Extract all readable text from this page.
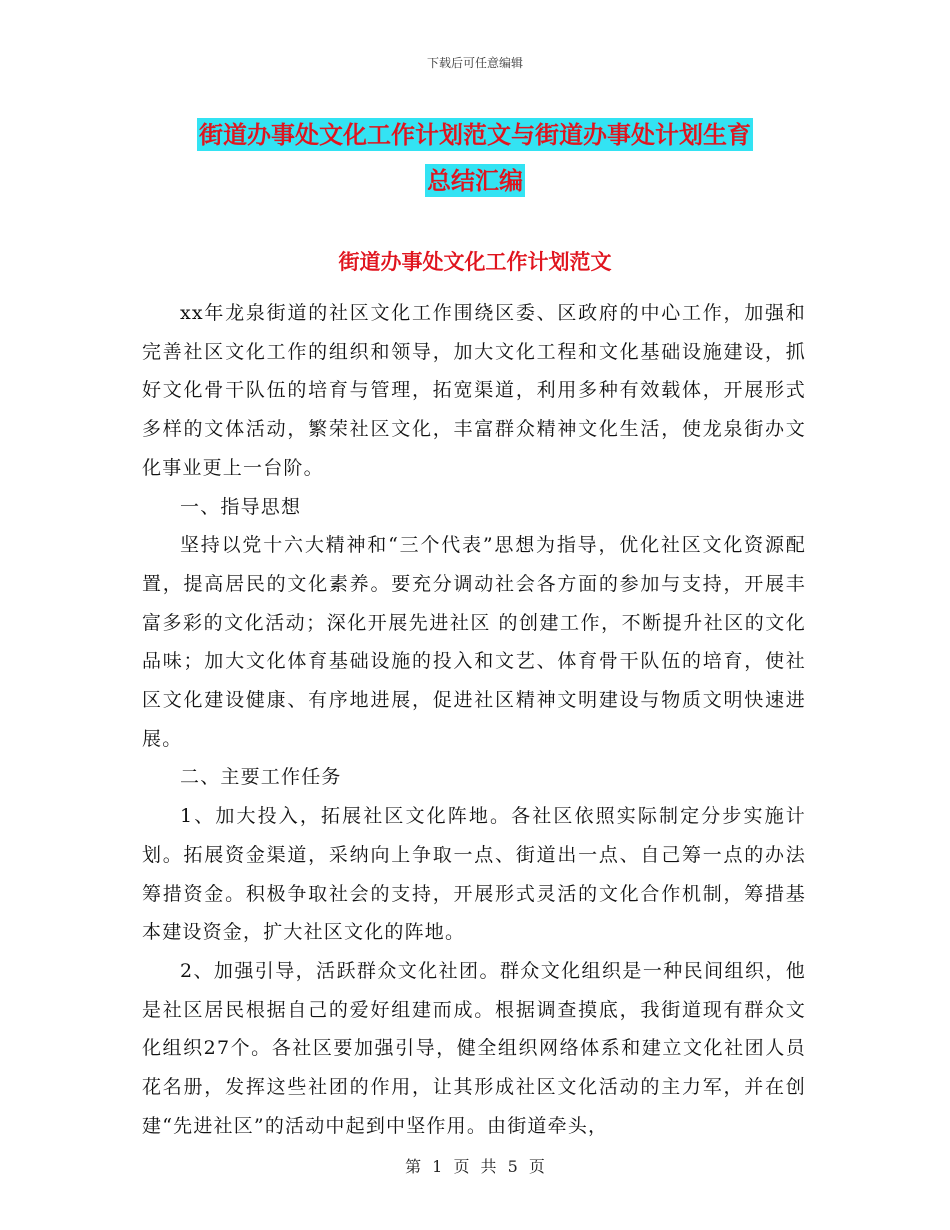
下载后可任意编辑
街道办事处文化工作计划范文与街道办事处计划生育
总结汇编
街道办事处文化工作计划范文

xx年龙泉街道的社区文化工作围绕区委、区政府的中心工作，加强和完善社区文化工作的组织和领导，加大文化工程和文化基础设施建设，抓好文化骨干队伍的培育与管理，拓宽渠道，利用多种有效载体，开展形式多样的文体活动，繁荣社区文化，丰富群众精神文化生活，使龙泉街办文化事业更上一台阶。

一、指导思想

坚持以党十六大精神和“三个代表”思想为指导，优化社区文化资源配置，提高居民的文化素养。要充分调动社会各方面的参加与支持，开展丰富多彩的文化活动；深化开展先进社区 的创建工作，不断提升社区的文化品味；加大文化体育基础设施的投入和文艺、体育骨干队伍的培育，使社区文化建设健康、有序地进展，促进社区精神文明建设与物质文明快速进展。

二、主要工作任务

1、加大投入，拓展社区文化阵地。各社区依照实际制定分步实施计划。拓展资金渠道，采纳向上争取一点、街道出一点、自己筹一点的办法筹措资金。积极争取社会的支持，开展形式灵活的文化合作机制，筹措基本建设资金，扩大社区文化的阵地。

2、加强引导，活跃群众文化社团。群众文化组织是一种民间组织，他是社区居民根据自己的爱好组建而成。根据调查摸底，我街道现有群众文化组织27个。各社区要加强引导，健全组织网络体系和建立文化社团人员花名册，发挥这些社团的作用，让其形成社区文化活动的主力军，并在创建“先进社区”的活动中起到中坚作用。由街道牵头，

第 1 页 共 5 页
